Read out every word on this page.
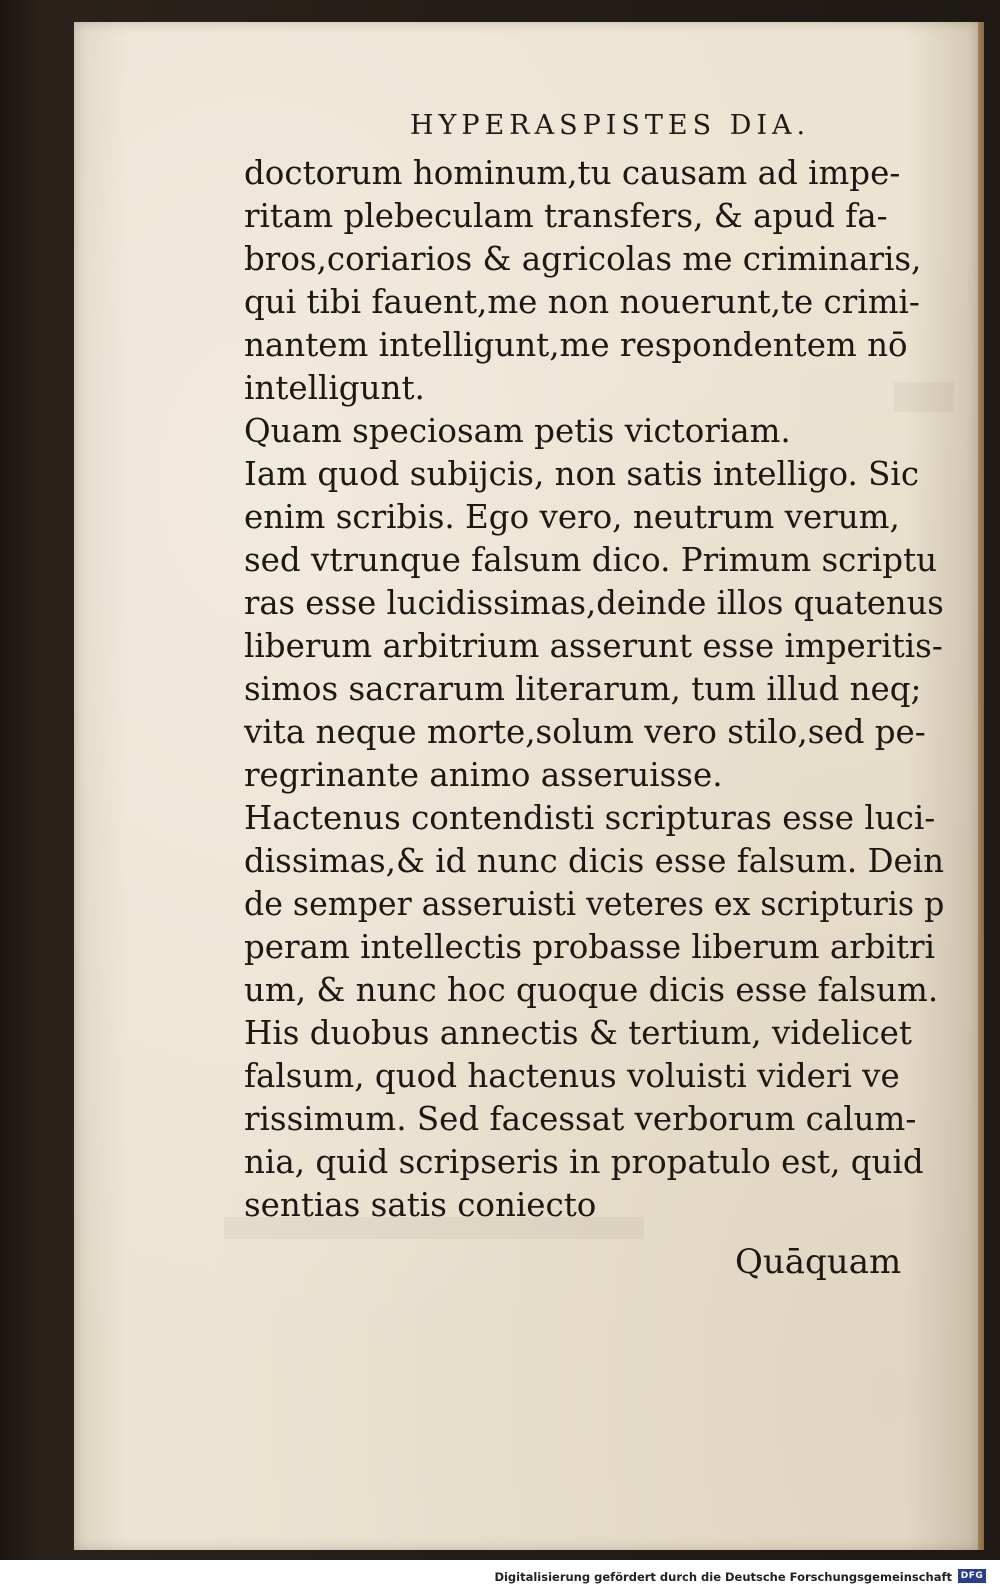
HYPERASPISTES DIA.
doctorum hominum,tu causam ad impe-
ritam plebeculam transfers, & apud fa-
bros,coriarios & agricolas me criminaris,
qui tibi fauent,me non nouerunt,te crimi-
nantem intelligunt,me respondentem nō
intelligunt.
Quam speciosam petis victoriam.
Iam quod subijcis, non satis intelligo. Sic
enim scribis. Ego vero, neutrum verum,
sed vtrunque falsum dico. Primum scriptu
ras esse lucidissimas,deinde illos quatenus
liberum arbitrium asserunt esse imperitis-
simos sacrarum literarum, tum illud neq;
vita neque morte,solum vero stilo,sed pe-
regrinante animo asseruisse.
Hactenus contendisti scripturas esse luci-
dissimas,& id nunc dicis esse falsum. Dein
de semper asseruisti veteres ex scripturis p
peram intellectis probasse liberum arbitri
um, & nunc hoc quoque dicis esse falsum.
His duobus annectis & tertium, videlicet
falsum, quod hactenus voluisti videri ve
rissimum. Sed facessat verborum calum-
nia, quid scripseris in propatulo est, quid
sentias satis coniecto
Quāquam
Digitalisierung gefördert durch die Deutsche Forschungsgemeinschaft DFG
